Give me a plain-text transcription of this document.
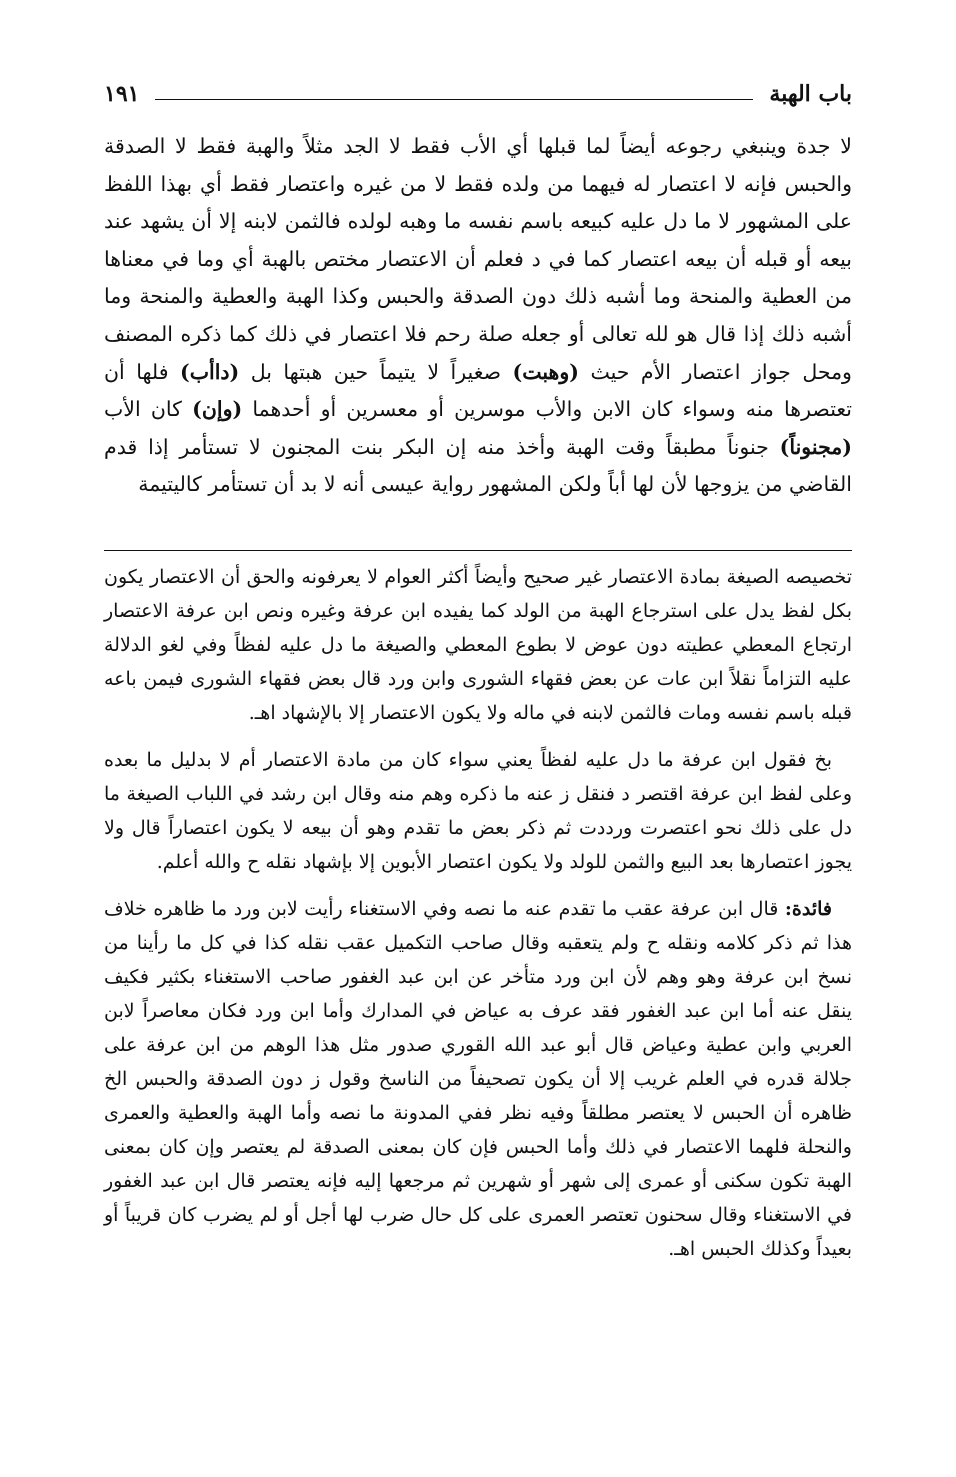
باب الهبة
١٩١
لا جدة وينبغي رجوعه أيضاً لما قبلها أي الأب فقط لا الجد مثلاً والهبة فقط لا الصدقة والحبس فإنه لا اعتصار له فيهما من ولده فقط لا من غيره واعتصار فقط أي بهذا اللفظ على المشهور لا ما دل عليه كبيعه باسم نفسه ما وهبه لولده فالثمن لابنه إلا أن يشهد عند بيعه أو قبله أن بيعه اعتصار كما في د فعلم أن الاعتصار مختص بالهبة أي وما في معناها من العطية والمنحة وما أشبه ذلك دون الصدقة والحبس وكذا الهبة والعطية والمنحة وما أشبه ذلك إذا قال هو لله تعالى أو جعله صلة رحم فلا اعتصار في ذلك كما ذكره المصنف ومحل جواز اعتصار الأم حيث (وهبت) صغيراً لا يتيماً حين هبتها بل (داأب) فلها أن تعتصرها منه وسواء كان الابن والأب موسرين أو معسرين أو أحدهما (وإن) كان الأب (مجنوناً) جنوناً مطبقاً وقت الهبة وأخذ منه إن البكر بنت المجنون لا تستأمر إذا قدم القاضي من يزوجها لأن لها أباً ولكن المشهور رواية عيسى أنه لا بد أن تستأمر كاليتيمة

تخصيصه الصيغة بمادة الاعتصار غير صحيح وأيضاً أكثر العوام لا يعرفونه والحق أن الاعتصار يكون بكل لفظ يدل على استرجاع الهبة من الولد كما يفيده ابن عرفة وغيره ونص ابن عرفة الاعتصار ارتجاع المعطي عطيته دون عوض لا بطوع المعطي والصيغة ما دل عليه لفظاً وفي لغو الدلالة عليه التزاماً نقلاً ابن عات عن بعض فقهاء الشورى وابن ورد قال بعض فقهاء الشورى فيمن باعه قبله باسم نفسه ومات فالثمن لابنه في ماله ولا يكون الاعتصار إلا بالإشهاد اهـ.

بخ فقول ابن عرفة ما دل عليه لفظاً يعني سواء كان من مادة الاعتصار أم لا بدليل ما بعده وعلى لفظ ابن عرفة اقتصر د فنقل ز عنه ما ذكره وهم منه وقال ابن رشد في اللباب الصيغة ما دل على ذلك نحو اعتصرت ورددت ثم ذكر بعض ما تقدم وهو أن بيعه لا يكون اعتصاراً قال ولا يجوز اعتصارها بعد البيع والثمن للولد ولا يكون اعتصار الأبوين إلا بإشهاد نقله ح والله أعلم.

فائدة: قال ابن عرفة عقب ما تقدم عنه ما نصه وفي الاستغناء رأيت لابن ورد ما ظاهره خلاف هذا ثم ذكر كلامه ونقله ح ولم يتعقبه وقال صاحب التكميل عقب نقله كذا في كل ما رأينا من نسخ ابن عرفة وهو وهم لأن ابن ورد متأخر عن ابن عبد الغفور صاحب الاستغناء بكثير فكيف ينقل عنه أما ابن عبد الغفور فقد عرف به عياض في المدارك وأما ابن ورد فكان معاصراً لابن العربي وابن عطية وعياض قال أبو عبد الله القوري صدور مثل هذا الوهم من ابن عرفة على جلالة قدره في العلم غريب إلا أن يكون تصحيفاً من الناسخ وقول ز دون الصدقة والحبس الخ ظاهره أن الحبس لا يعتصر مطلقاً وفيه نظر ففي المدونة ما نصه وأما الهبة والعطية والعمرى والنحلة فلهما الاعتصار في ذلك وأما الحبس فإن كان بمعنى الصدقة لم يعتصر وإن كان بمعنى الهبة تكون سكنى أو عمرى إلى شهر أو شهرين ثم مرجعها إليه فإنه يعتصر قال ابن عبد الغفور في الاستغناء وقال سحنون تعتصر العمرى على كل حال ضرب لها أجل أو لم يضرب كان قريباً أو بعيداً وكذلك الحبس اهـ.
